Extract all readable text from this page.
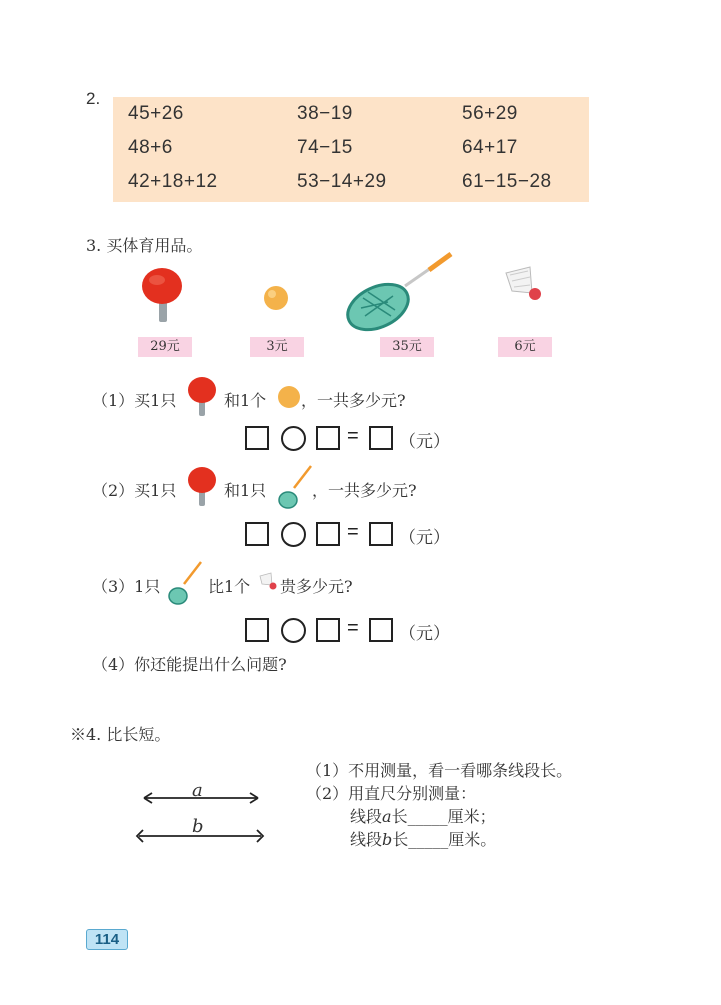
2.
45+26	38−19	56+29
48+6	74−15	64+17
42+18+12	53−14+29	61−15−28
3. 买体育用品。
29元	3元	35元	6元
（1）买1只	和1个 ，一共多少元?
= （元）
（2）买1只	和1只	，一共多少元?
= （元）
（3）1只	比1个 贵多少元?
= （元）
（4）你还能提出什么问题?
※4. 比长短。
a
b
（1）不用测量，看一看哪条线段长。
（2）用直尺分别测量：
线段a长_____厘米；
线段b长_____厘米。
114
